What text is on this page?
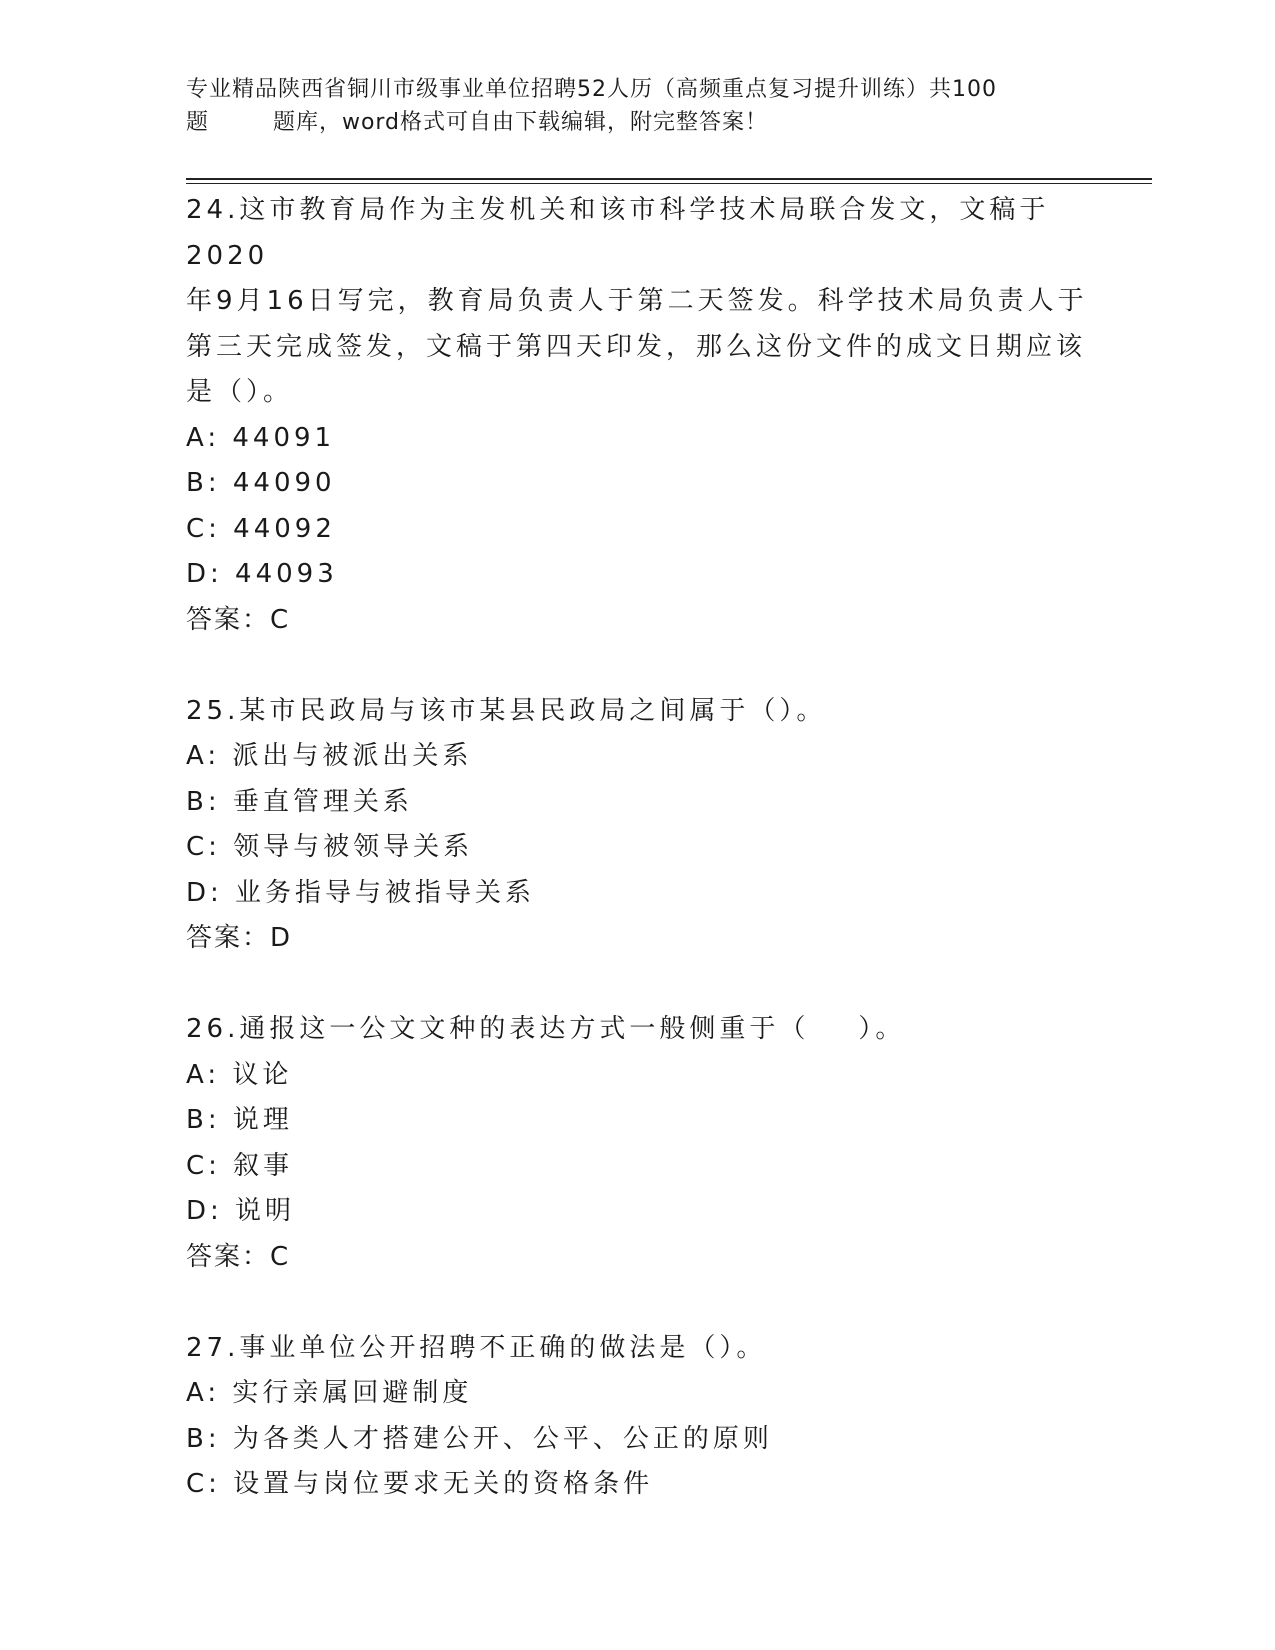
专业精品陕西省铜川市级事业单位招聘52人历（高频重点复习提升训练）共100
题        题库，word格式可自由下载编辑，附完整答案！
24.这市教育局作为主发机关和该市科学技术局联合发文，文稿于2020
年9月16日写完，教育局负责人于第二天签发。科学技术局负责人于
第三天完成签发，文稿于第四天印发，那么这份文件的成文日期应该
是（）。
A: 44091
B: 44090
C: 44092
D: 44093
答案：C
25.某市民政局与该市某县民政局之间属于（）。
A: 派出与被派出关系
B: 垂直管理关系
C: 领导与被领导关系
D: 业务指导与被指导关系
答案：D
26.通报这一公文文种的表达方式一般侧重于（    ）。
A: 议论
B: 说理
C: 叙事
D: 说明
答案：C
27.事业单位公开招聘不正确的做法是（）。
A: 实行亲属回避制度
B: 为各类人才搭建公开、公平、公正的原则
C: 设置与岗位要求无关的资格条件
